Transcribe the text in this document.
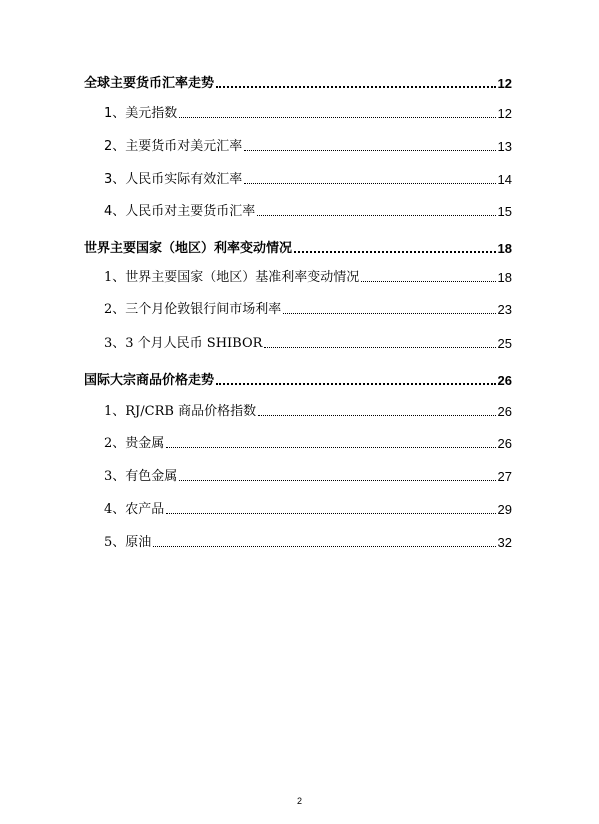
全球主要货币汇率走势	12
1、美元指数	12
2、主要货币对美元汇率	13
3、人民币实际有效汇率	14
4、人民币对主要货币汇率	15
世界主要国家（地区）利率变动情况	18
1、世界主要国家（地区）基准利率变动情况	18
2、三个月伦敦银行间市场利率	23
3、3 个月人民币 SHIBOR	25
国际大宗商品价格走势	26
1、RJ/CRB 商品价格指数	26
2、贵金属	26
3、有色金属	27
4、农产品	29
5、原油	32
2
